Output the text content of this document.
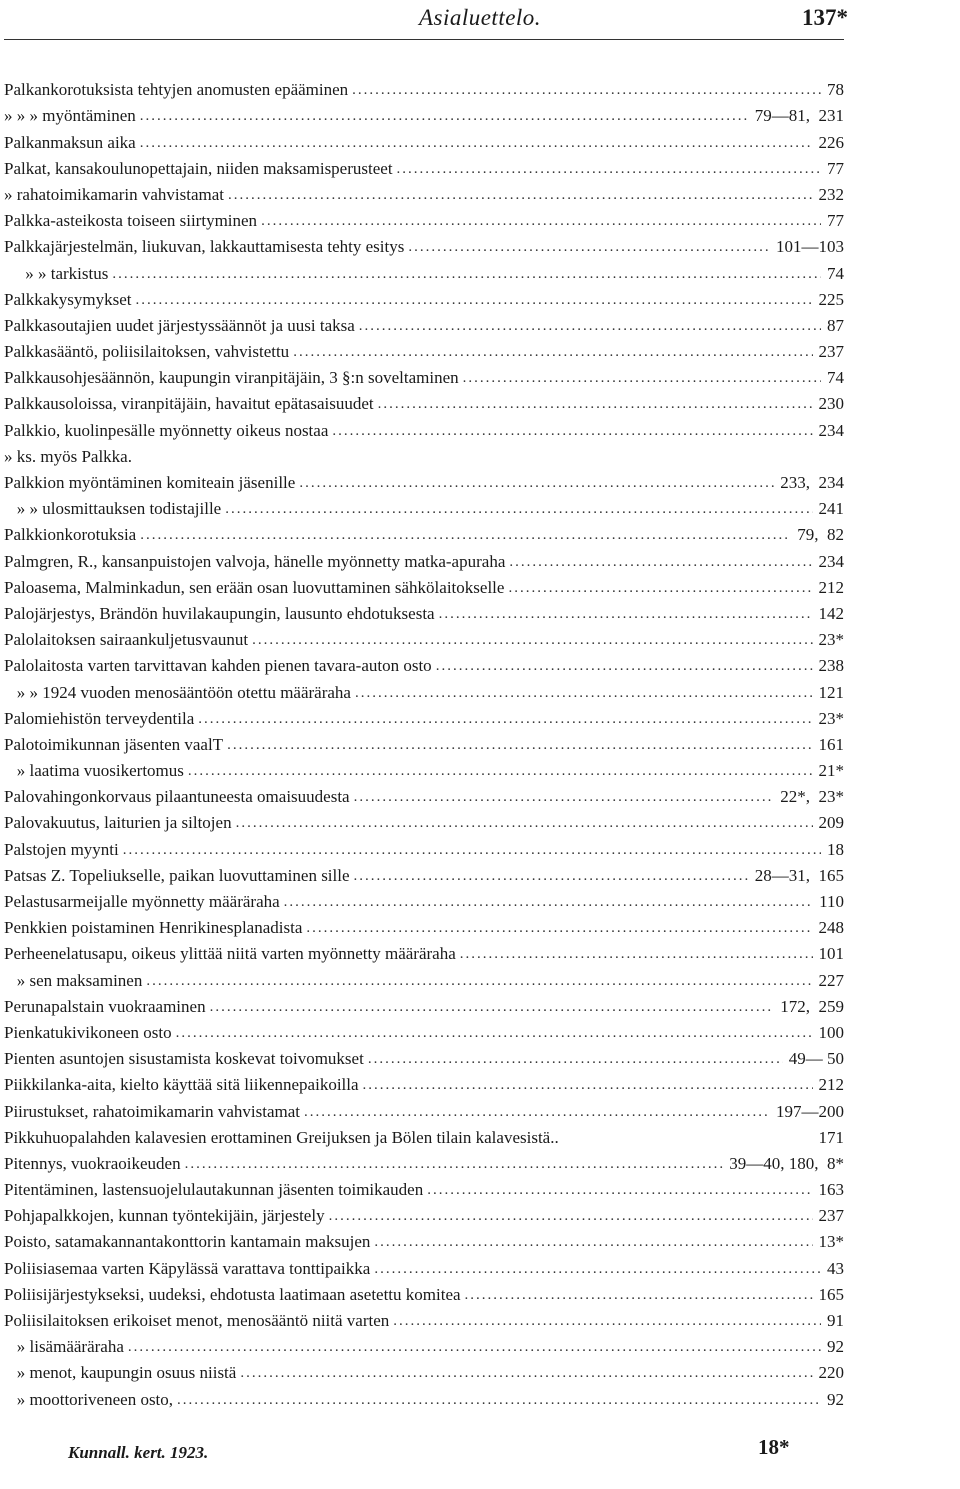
Asialuettelo.	137*
Palkankorotuksista tehtyjen anomusten epääminen .....	78
» » » myöntäminen .....	79—81,  231
Palkanmaksun aika .....	226
Palkat, kansakoulunopettajain, niiden maksamisperusteet .....	77
» rahatoimikamarin vahvistamat .....	232
Palkka-asteikosta toiseen siirtyminen .....	77
Palkkajärjestelmän, liukuvan, lakkauttamisesta tehty esitys .....	101—103
» » tarkistus .....	74
Palkkakysymykset .....	225
Palkkasoutajien uudet järjestyssäännöt ja uusi taksa .....	87
Palkkasääntö, poliisilaitoksen, vahvistettu .....	237
Palkkausohjesäännön, kaupungin viranpitäjäin, 3 §:n soveltaminen .....	74
Palkkausoloissa, viranpitäjäin, havaitut epätasaisuudet .....	230
Palkkio, kuolinpesälle myönnetty oikeus nostaa .....	234
» ks. myös Palkka.
Palkkion myöntäminen komiteain jäsenille .....	233,  234
» » ulosmittauksen todistajille .....	241
Palkkionkorotuksia .....	79,  82
Palmgren, R., kansanpuistojen valvoja, hänelle myönnetty matka-apuraha .....	234
Paloasema, Malminkadun, sen erään osan luovuttaminen sähkölaitokselle .....	212
Palojärjestys, Brändön huvilakaupungin, lausunto ehdotuksesta .....	142
Palolaitoksen sairaankuljetusvaunut .....	23*
Palolaitosta varten tarvittavan kahden pienen tavara-auton osto .....	238
» » 1924 vuoden menosääntöön otettu määräraha .....	121
Palomiehistön terveydentila .....	23*
Palotoimikunnan jäsenten vaalT .....	161
» laatima vuosikertomus .....	21*
Palovahingonkorvaus pilaantuneesta omaisuudesta .....	22*,  23*
Palovakuutus, laiturien ja siltojen .....	209
Palstojen myynti .....	18
Patsas Z. Topeliukselle, paikan luovuttaminen sille .....	28—31,  165
Pelastusarmeijalle myönnetty määräraha .....	110
Penkkien poistaminen Henrikinesplanadista .....	248
Perheenelatusapu, oikeus ylittää niitä varten myönnetty määräraha .....	101
» sen maksaminen .....	227
Perunapalstain vuokraaminen .....	172,  259
Pienkatukivikoneen osto .....	100
Pienten asuntojen sisustamista koskevat toivomukset .....	49— 50
Piikkilanka-aita, kielto käyttää sitä liikennepaikoilla .....	212
Piirustukset, rahatoimikamarin vahvistamat .....	197—200
Pikkuhuopalahden kalavesien erottaminen Greijuksen ja Bölen tilain kalavesistä..	171
Pitennys, vuokraoikeuden .....	39—40, 180,  8*
Pitentäminen, lastensuojelulautakunnan jäsenten toimikauden .....	163
Pohjapalkkojen, kunnan työntekijäin, järjestely .....	237
Poisto, satamakannantakonttorin kantamain maksujen .....	13*
Poliisiasemaa varten Käpylässä varattava tonttipaikka .....	43
Poliisijärjestykseksi, uudeksi, ehdotusta laatimaan asetettu komitea .....	165
Poliisilaitoksen erikoiset menot, menosääntö niitä varten .....	91
» lisämääräraha .....	92
» menot, kaupungin osuus niistä .....	220
» moottoriveneen osto, .....	92
Kunnall. kert. 1923.	18*
